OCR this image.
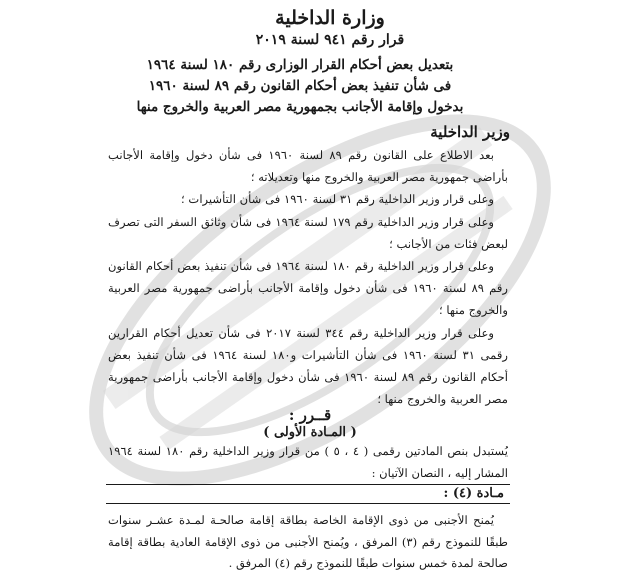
وزارة الداخلية

قرار رقم ٩٤١ لسنة ٢٠١٩

بتعديل بعض أحكام القرار الوزارى رقم ١٨٠ لسنة ١٩٦٤
فى شأن تنفيذ بعض أحكام القانون رقم ٨٩ لسنة ١٩٦٠
بدخول وإقامة الأجانب بجمهورية مصر العربية والخروج منها
وزير الداخلية

بعد الاطلاع على القانون رقم ٨٩ لسنة ١٩٦٠ فى شأن دخول وإقامة الأجانب بأراضى جمهورية مصر العربية والخروج منها وتعديلاته ؛

وعلى قرار وزير الداخلية رقم ٣١ لسنة ١٩٦٠ فى شأن التأشيرات ؛

وعلى قرار وزير الداخلية رقم ١٧٩ لسنة ١٩٦٤ فى شأن وثائق السفر التى تصرف لبعض فئات من الأجانب ؛

وعلى قرار وزير الداخلية رقم ١٨٠ لسنة ١٩٦٤ فى شأن تنفيذ بعض أحكام القانون رقم ٨٩ لسنة ١٩٦٠ فى شأن دخول وإقامة الأجانب بأراضى جمهورية مصر العربية والخروج منها ؛

وعلى قرار وزير الداخلية رقم ٣٤٤ لسنة ٢٠١٧ فى شأن تعديل أحكام القرارين رقمى ٣١ لسنة ١٩٦٠ فى شأن التأشيرات و١٨٠ لسنة ١٩٦٤ فى شأن تنفيذ بعض أحكام القانون رقم ٨٩ لسنة ١٩٦٠ فى شأن دخول وإقامة الأجانب بأراضى جمهورية مصر العربية والخروج منها ؛

قــرر :
( المـادة الأولى )

يُستبدل بنص المادتين رقمى ( ٤ ، ٥ ) من قرار وزير الداخلية رقم ١٨٠ لسنة ١٩٦٤ المشار إليه ، النصان الآتيان :

مـادة (٤) :

يُمنح الأجنبى من ذوى الإقامة الخاصة بطاقة إقامة صالحـة لمـدة عشـر سنوات طبقًا للنموذج رقم (٣) المرفق ، ويُمنح الأجنبى من ذوى الإقامة العادية بطاقة إقامة صالحة لمدة خمس سنوات طبقًا للنموذج رقم (٤) المرفق .
